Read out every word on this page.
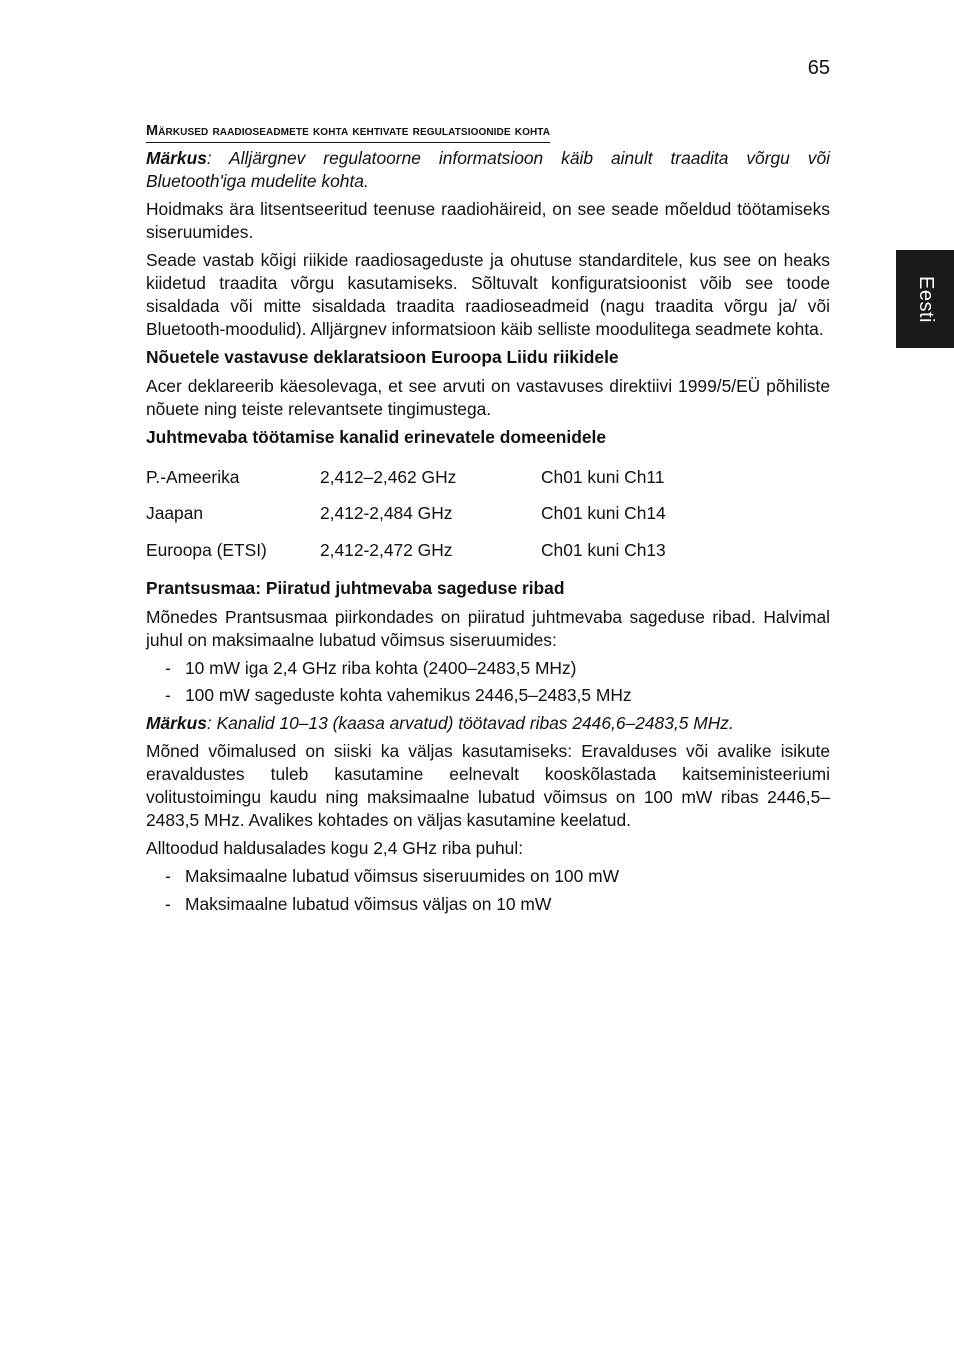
65
Eesti
Märkused raadioseadmete kohta kehtivate regulatsioonide kohta

Märkus: Alljärgnev regulatoorne informatsioon käib ainult traadita võrgu või Bluetooth'iga mudelite kohta.

Hoidmaks ära litsentseeritud teenuse raadiohäireid, on see seade mõeldud töötamiseks siseruumides.

Seade vastab kõigi riikide raadiosageduste ja ohutuse standarditele, kus see on heaks kiidetud traadita võrgu kasutamiseks. Sõltuvalt konfiguratsioonist võib see toode sisaldada või mitte sisaldada traadita raadioseadmeid (nagu traadita võrgu ja/ või Bluetooth-moodulid). Alljärgnev informatsioon käib selliste moodulitega seadmete kohta.

Nõuetele vastavuse deklaratsioon Euroopa Liidu riikidele

Acer deklareerib käesolevaga, et see arvuti on vastavuses direktiivi 1999/5/EÜ põhiliste nõuete ning teiste relevantsete tingimustega.

Juhtmevaba töötamise kanalid erinevatele domeenidele

P.-Ameerika	2,412–2,462 GHz	Ch01 kuni Ch11
Jaapan	2,412-2,484 GHz	Ch01 kuni Ch14
Euroopa (ETSI)	2,412-2,472 GHz	Ch01 kuni Ch13

Prantsusmaa: Piiratud juhtmevaba sageduse ribad

Mõnedes Prantsusmaa piirkondades on piiratud juhtmevaba sageduse ribad. Halvimal juhul on maksimaalne lubatud võimsus siseruumides:

- 10 mW iga 2,4 GHz riba kohta (2400–2483,5 MHz)
- 100 mW sageduste kohta vahemikus 2446,5–2483,5 MHz

Märkus: Kanalid 10–13 (kaasa arvatud) töötavad ribas 2446,6–2483,5 MHz.

Mõned võimalused on siiski ka väljas kasutamiseks: Eravalduses või avalike isikute eravaldustes tuleb kasutamine eelnevalt kooskõlastada kaitseministeeriumi volitustoimingu kaudu ning maksimaalne lubatud võimsus on 100 mW ribas 2446,5–2483,5 MHz. Avalikes kohtades on väljas kasutamine keelatud.

Alltoodud haldusalades kogu 2,4 GHz riba puhul:

- Maksimaalne lubatud võimsus siseruumides on 100 mW
- Maksimaalne lubatud võimsus väljas on 10 mW
